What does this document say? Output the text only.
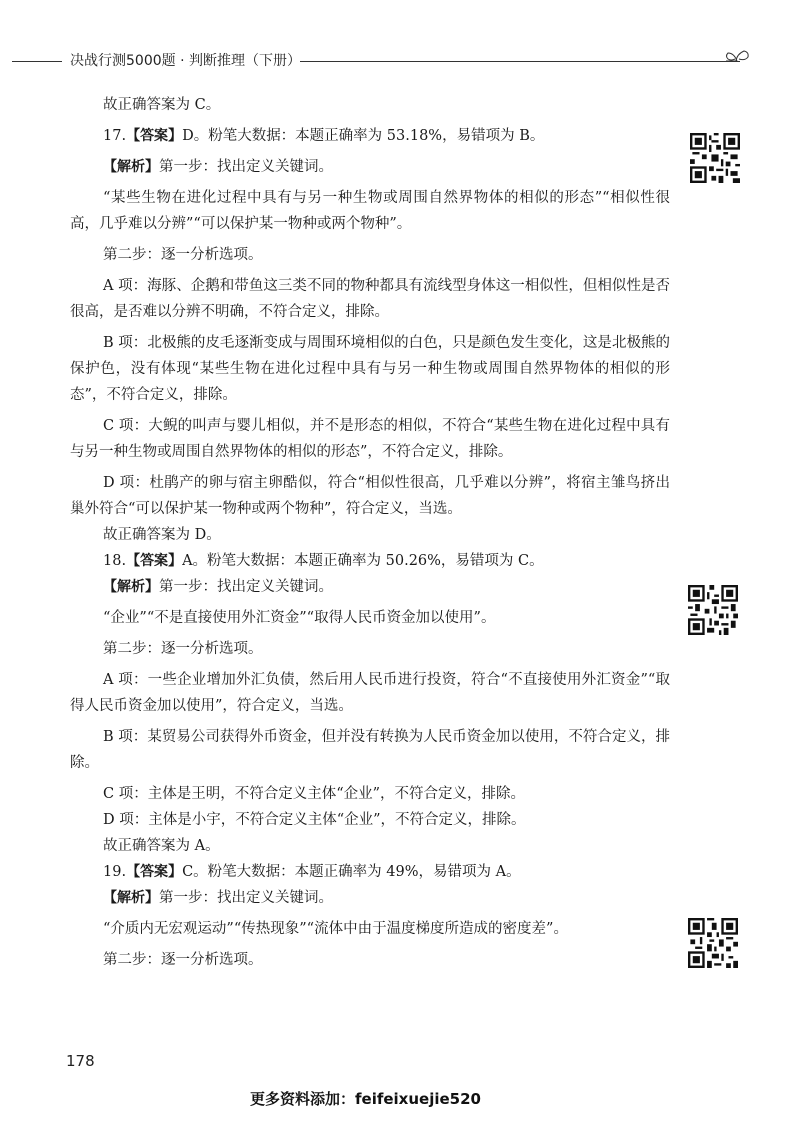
决战行测5000题 · 判断推理（下册）

故正确答案为 C。

17.【答案】D。粉笔大数据：本题正确率为 53.18%，易错项为 B。

【解析】第一步：找出定义关键词。

“某些生物在进化过程中具有与另一种生物或周围自然界物体的相似的形态”“相似性很高，几乎难以分辨”“可以保护某一物种或两个物种”。

第二步：逐一分析选项。

A 项：海豚、企鹅和带鱼这三类不同的物种都具有流线型身体这一相似性，但相似性是否很高，是否难以分辨不明确，不符合定义，排除。

B 项：北极熊的皮毛逐渐变成与周围环境相似的白色，只是颜色发生变化，这是北极熊的保护色，没有体现“某些生物在进化过程中具有与另一种生物或周围自然界物体的相似的形态”，不符合定义，排除。

C 项：大鲵的叫声与婴儿相似，并不是形态的相似，不符合“某些生物在进化过程中具有与另一种生物或周围自然界物体的相似的形态”，不符合定义，排除。

D 项：杜鹃产的卵与宿主卵酷似，符合“相似性很高，几乎难以分辨”，将宿主雏鸟挤出巢外符合“可以保护某一物种或两个物种”，符合定义，当选。

故正确答案为 D。

18.【答案】A。粉笔大数据：本题正确率为 50.26%，易错项为 C。

【解析】第一步：找出定义关键词。

“企业”“不是直接使用外汇资金”“取得人民币资金加以使用”。

第二步：逐一分析选项。

A 项：一些企业增加外汇负债，然后用人民币进行投资，符合“不直接使用外汇资金”“取得人民币资金加以使用”，符合定义，当选。

B 项：某贸易公司获得外币资金，但并没有转换为人民币资金加以使用，不符合定义，排除。

C 项：主体是王明，不符合定义主体“企业”，不符合定义，排除。

D 项：主体是小宇，不符合定义主体“企业”，不符合定义，排除。

故正确答案为 A。

19.【答案】C。粉笔大数据：本题正确率为 49%，易错项为 A。

【解析】第一步：找出定义关键词。

“介质内无宏观运动”“传热现象”“流体中由于温度梯度所造成的密度差”。

第二步：逐一分析选项。

178
更多资料添加：feifeixuejie520
